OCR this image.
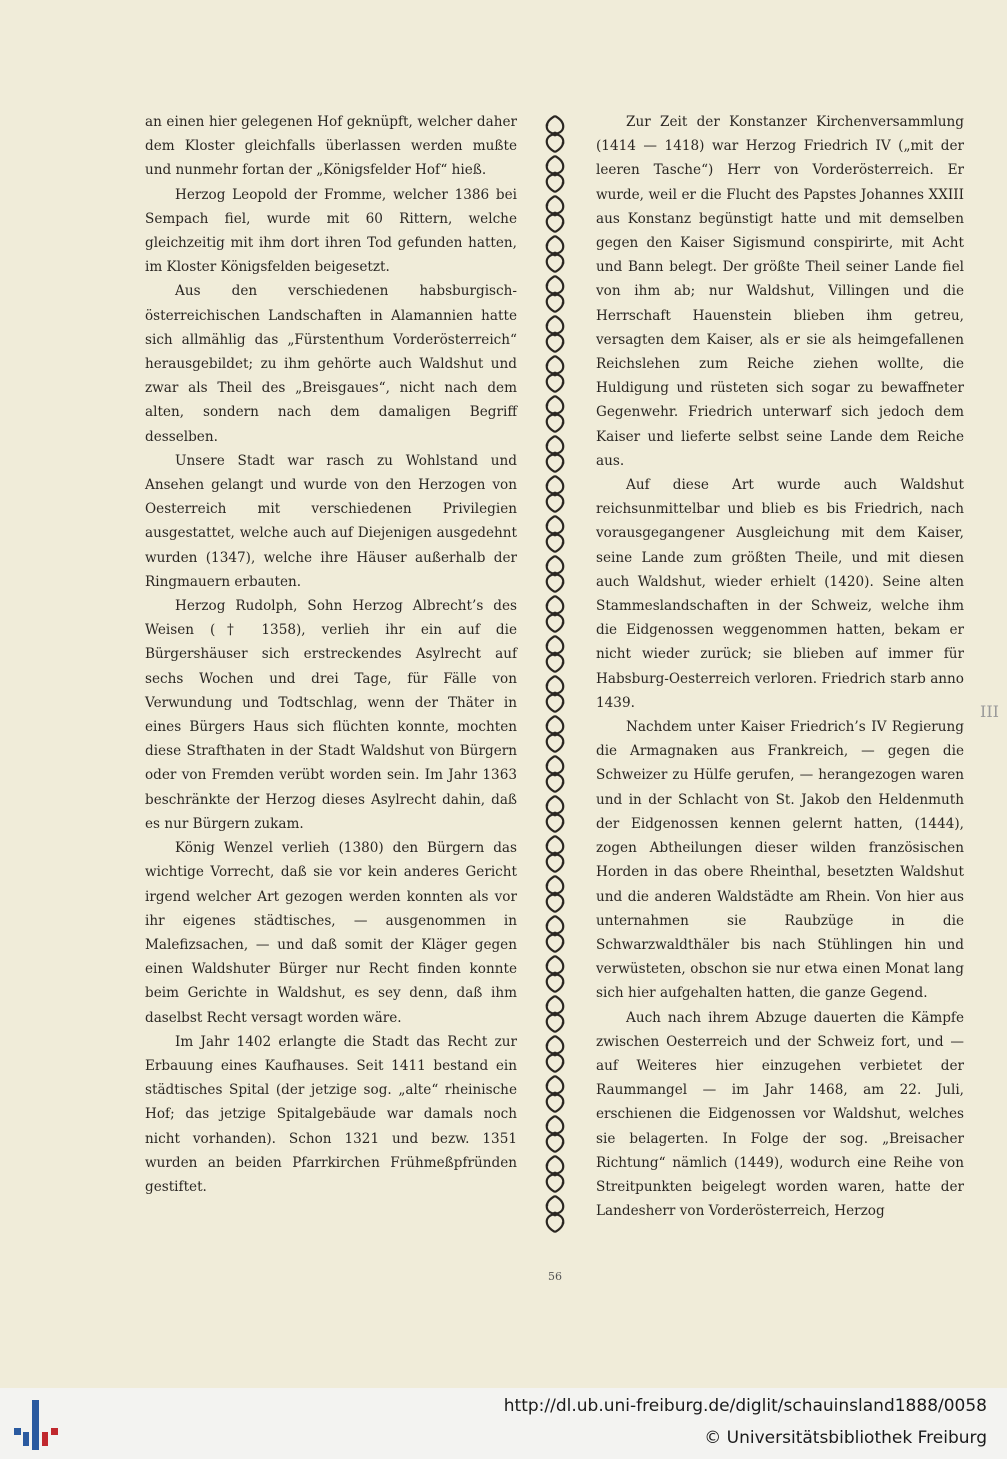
an einen hier gelegenen Hof geknüpft, welcher daher dem Kloster gleichfalls überlassen werden mußte und nunmehr fortan der „Königsfelder Hof“ hieß.

Herzog Leopold der Fromme, welcher 1386 bei Sempach fiel, wurde mit 60 Rittern, welche gleichzeitig mit ihm dort ihren Tod gefunden hatten, im Kloster Königsfelden beigesetzt.

Aus den verschiedenen habsburgisch-österreichischen Landschaften in Alamannien hatte sich allmählig das „Fürstenthum Vorderösterreich“ herausgebildet; zu ihm gehörte auch Waldshut und zwar als Theil des „Breisgaues“, nicht nach dem alten, sondern nach dem damaligen Begriff desselben.

Unsere Stadt war rasch zu Wohlstand und Ansehen gelangt und wurde von den Herzogen von Oesterreich mit verschiedenen Privilegien ausgestattet, welche auch auf Diejenigen ausgedehnt wurden (1347), welche ihre Häuser außerhalb der Ringmauern erbauten.

Herzog Rudolph, Sohn Herzog Albrecht’s des Weisen († 1358), verlieh ihr ein auf die Bürgershäuser sich erstreckendes Asylrecht auf sechs Wochen und drei Tage, für Fälle von Verwundung und Todtschlag, wenn der Thäter in eines Bürgers Haus sich flüchten konnte, mochten diese Strafthaten in der Stadt Waldshut von Bürgern oder von Fremden verübt worden sein. Im Jahr 1363 beschränkte der Herzog dieses Asylrecht dahin, daß es nur Bürgern zukam.

König Wenzel verlieh (1380) den Bürgern das wichtige Vorrecht, daß sie vor kein anderes Gericht irgend welcher Art gezogen werden konnten als vor ihr eigenes städtisches, — ausgenommen in Malefizsachen, — und daß somit der Kläger gegen einen Waldshuter Bürger nur Recht finden konnte beim Gerichte in Waldshut, es sey denn, daß ihm daselbst Recht versagt worden wäre.

Im Jahr 1402 erlangte die Stadt das Recht zur Erbauung eines Kaufhauses. Seit 1411 bestand ein städtisches Spital (der jetzige sog. „alte“ rheinische Hof; das jetzige Spitalgebäude war damals noch nicht vorhanden). Schon 1321 und bezw. 1351 wurden an beiden Pfarrkirchen Frühmeßpfründen gestiftet.

Zur Zeit der Konstanzer Kirchenversammlung (1414 — 1418) war Herzog Friedrich IV („mit der leeren Tasche“) Herr von Vorderösterreich. Er wurde, weil er die Flucht des Papstes Johannes XXIII aus Konstanz begünstigt hatte und mit demselben gegen den Kaiser Sigismund conspirirte, mit Acht und Bann belegt. Der größte Theil seiner Lande fiel von ihm ab; nur Waldshut, Villingen und die Herrschaft Hauenstein blieben ihm getreu, versagten dem Kaiser, als er sie als heimgefallenen Reichslehen zum Reiche ziehen wollte, die Huldigung und rüsteten sich sogar zu bewaffneter Gegenwehr. Friedrich unterwarf sich jedoch dem Kaiser und lieferte selbst seine Lande dem Reiche aus.

Auf diese Art wurde auch Waldshut reichsunmittelbar und blieb es bis Friedrich, nach vorausgegangener Ausgleichung mit dem Kaiser, seine Lande zum größten Theile, und mit diesen auch Waldshut, wieder erhielt (1420). Seine alten Stammeslandschaften in der Schweiz, welche ihm die Eidgenossen weggenommen hatten, bekam er nicht wieder zurück; sie blieben auf immer für Habsburg-Oesterreich verloren. Friedrich starb anno 1439.

Nachdem unter Kaiser Friedrich’s IV Regierung die Armagnaken aus Frankreich, — gegen die Schweizer zu Hülfe gerufen, — herangezogen waren und in der Schlacht von St. Jakob den Heldenmuth der Eidgenossen kennen gelernt hatten, (1444), zogen Abtheilungen dieser wilden französischen Horden in das obere Rheinthal, besetzten Waldshut und die anderen Waldstädte am Rhein. Von hier aus unternahmen sie Raubzüge in die Schwarzwaldthäler bis nach Stühlingen hin und verwüsteten, obschon sie nur etwa einen Monat lang sich hier aufgehalten hatten, die ganze Gegend.

Auch nach ihrem Abzuge dauerten die Kämpfe zwischen Oesterreich und der Schweiz fort, und — auf Weiteres hier einzugehen verbietet der Raummangel — im Jahr 1468, am 22. Juli, erschienen die Eidgenossen vor Waldshut, welches sie belagerten. In Folge der sog. „Breisacher Richtung“ nämlich (1449), wodurch eine Reihe von Streitpunkten beigelegt worden waren, hatte der Landesherr von Vorderösterreich, Herzog

III
56
http://dl.ub.uni-freiburg.de/diglit/schauinsland1888/0058
© Universitätsbibliothek Freiburg
